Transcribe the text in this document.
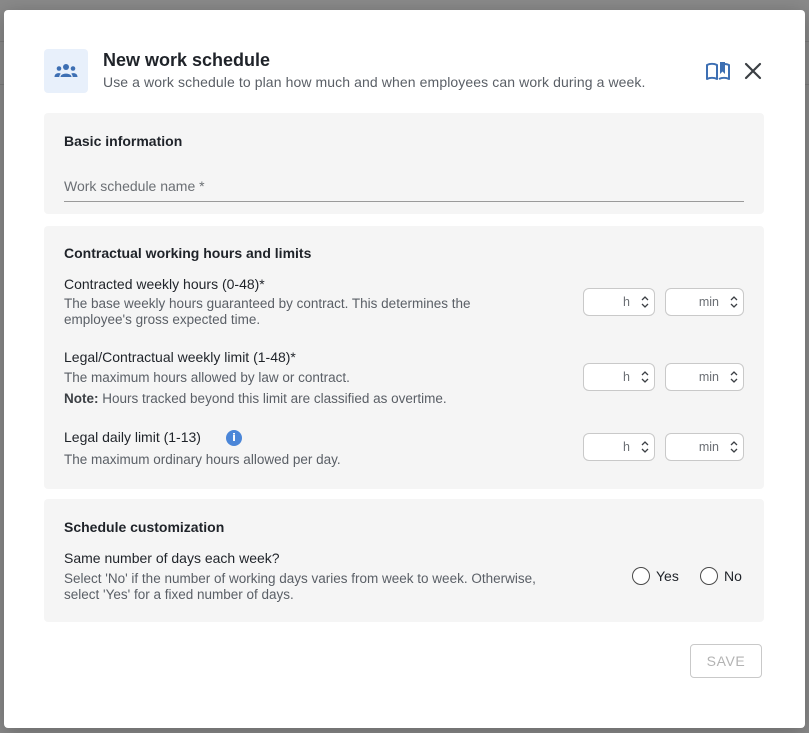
New work schedule
Use a work schedule to plan how much and when employees can work during a week.
Basic information
Work schedule name *
Contractual working hours and limits
Contracted weekly hours (0-48)*
The base weekly hours guaranteed by contract. This determines the
employee's gross expected time.
h	min
Legal/Contractual weekly limit (1-48)*
The maximum hours allowed by law or contract.
Note: Hours tracked beyond this limit are classified as overtime.
h	min
Legal daily limit (1-13)	i
The maximum ordinary hours allowed per day.
h	min
Schedule customization
Same number of days each week?
Select 'No' if the number of working days varies from week to week. Otherwise,
select 'Yes' for a fixed number of days.
Yes	No
SAVE
